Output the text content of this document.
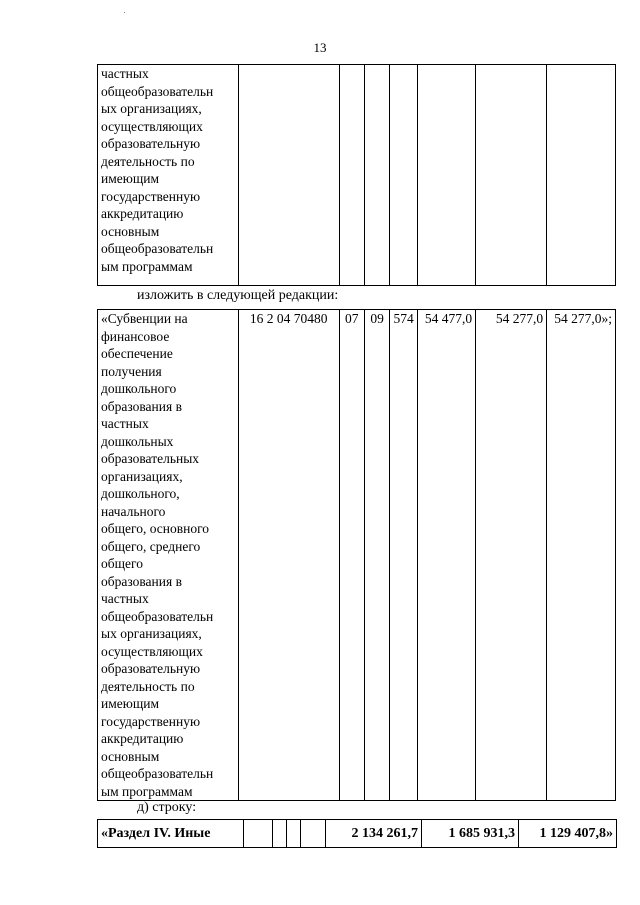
13
частных
общеобразовательн
ых организациях,
осуществляющих
образовательную
деятельность по
имеющим
государственную
aккредитацию
основным
общеобразовательн
ым программам							
изложить в следующей редакции:
«Субвенции на
финансовое
обеспечение
получения
дошкольного
образования в
частных
дошкольных
образовательных
организациях,
дошкольного,
начального
общего, основного
общего, среднего
общего
образования в
частных
общеобразовательн
ых организациях,
осуществляющих
образовательную
деятельность по
имеющим
государственную
аккредитацию
основным
общеобразовательн
ым программам	16 2 04 70480	07	09	574	54 477,0	54 277,0	54 277,0»;
д) строку:
«Раздел IV. Иные					2 134 261,7	1 685 931,3	1 129 407,8»
